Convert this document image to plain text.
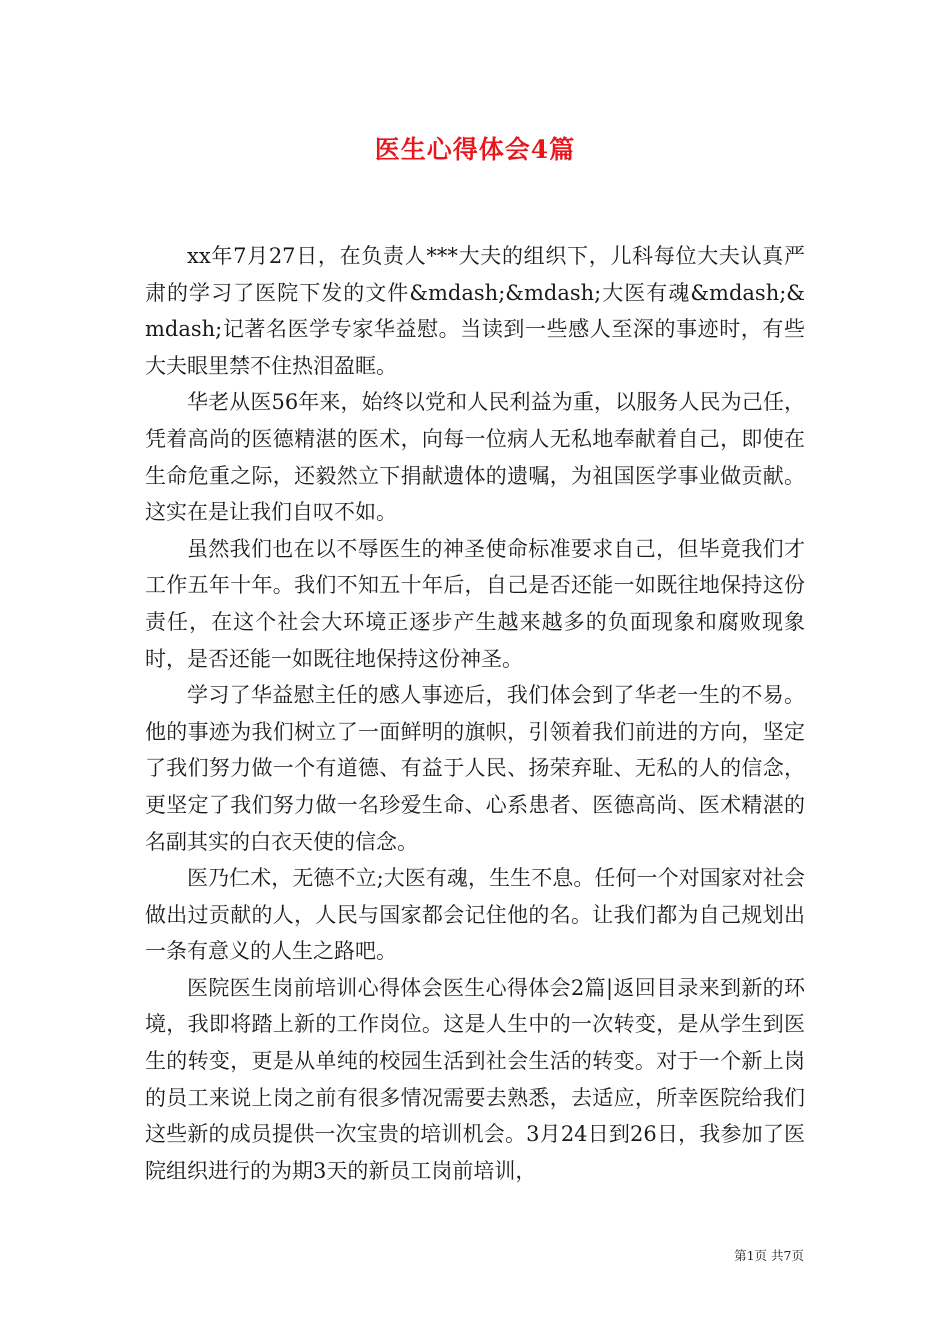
医生心得体会4篇

xx年7月27日，在负责人***大夫的组织下，儿科每位大夫认真严肃的学习了医院下发的文件&mdash;&mdash;大医有魂&mdash;&mdash;记著名医学专家华益慰。当读到一些感人至深的事迹时，有些大夫眼里禁不住热泪盈眶。

华老从医56年来，始终以党和人民利益为重，以服务人民为己任，凭着高尚的医德精湛的医术，向每一位病人无私地奉献着自己，即使在生命危重之际，还毅然立下捐献遗体的遗嘱，为祖国医学事业做贡献。这实在是让我们自叹不如。

虽然我们也在以不辱医生的神圣使命标准要求自己，但毕竟我们才工作五年十年。我们不知五十年后，自己是否还能一如既往地保持这份责任，在这个社会大环境正逐步产生越来越多的负面现象和腐败现象时，是否还能一如既往地保持这份神圣。

学习了华益慰主任的感人事迹后，我们体会到了华老一生的不易。他的事迹为我们树立了一面鲜明的旗帜，引领着我们前进的方向，坚定了我们努力做一个有道德、有益于人民、扬荣弃耻、无私的人的信念，更坚定了我们努力做一名珍爱生命、心系患者、医德高尚、医术精湛的名副其实的白衣天使的信念。

医乃仁术，无德不立;大医有魂，生生不息。任何一个对国家对社会做出过贡献的人，人民与国家都会记住他的名。让我们都为自己规划出一条有意义的人生之路吧。

医院医生岗前培训心得体会医生心得体会2篇|返回目录来到新的环境，我即将踏上新的工作岗位。这是人生中的一次转变，是从学生到医生的转变，更是从单纯的校园生活到社会生活的转变。对于一个新上岗的员工来说上岗之前有很多情况需要去熟悉，去适应，所幸医院给我们这些新的成员提供一次宝贵的培训机会。3月24日到26日，我参加了医院组织进行的为期3天的新员工岗前培训，

第1页 共7页
